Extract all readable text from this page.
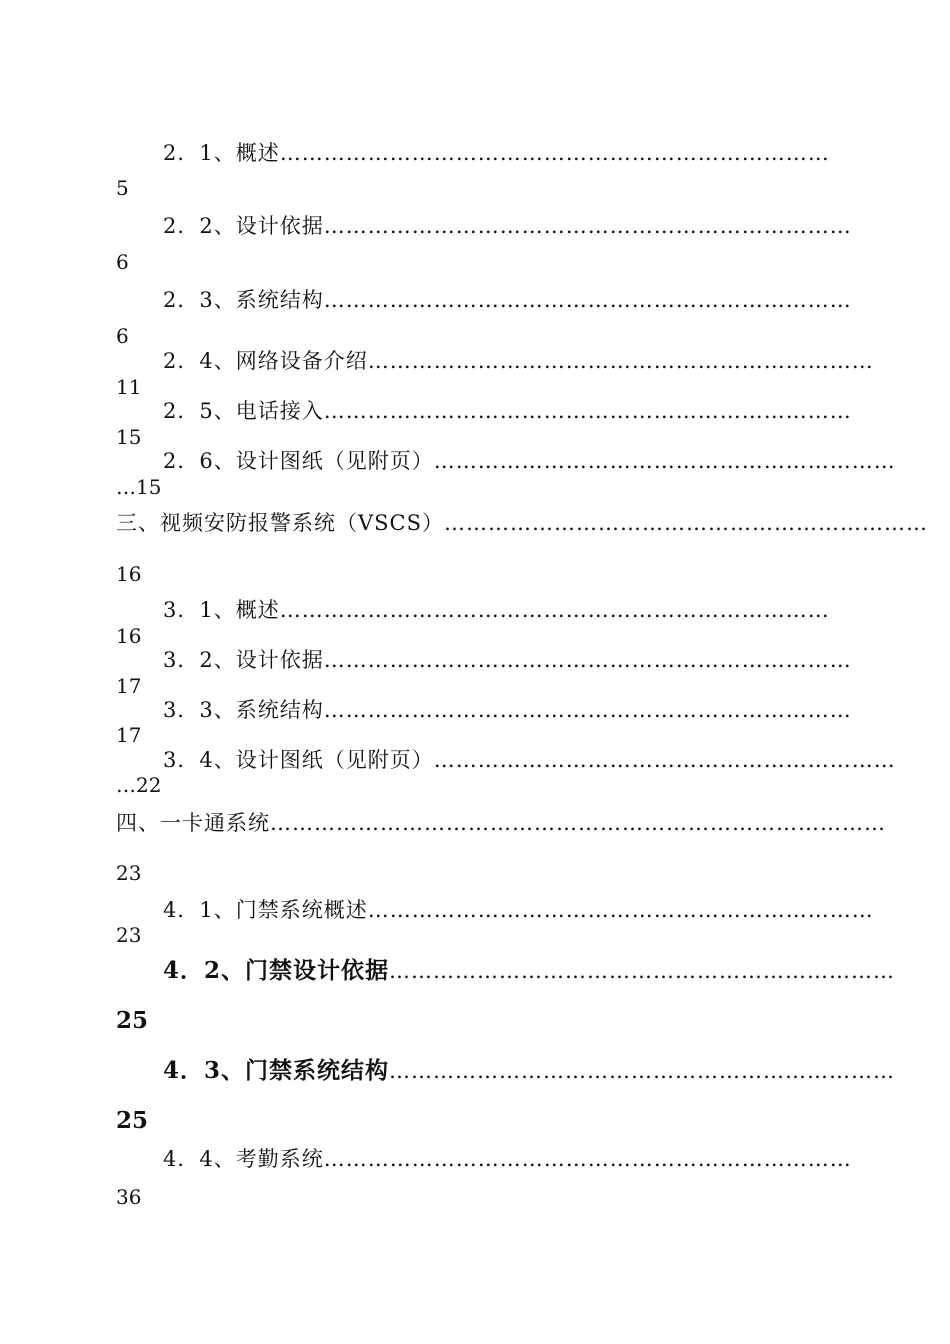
2．1、概述…………………………………………………………………
5
2．2、设计依据………………………………………………………………
6
2．3、系统结构………………………………………………………………
6
2．4、网络设备介绍……………………………………………………………
11
2．5、电话接入………………………………………………………………
15
2．6、设计图纸（见附页）………………………………………………………
…15
三、视频安防报警系统（VSCS）…………………………………………………………
16
3．1、概述…………………………………………………………………
16
3．2、设计依据………………………………………………………………
17
3．3、系统结构………………………………………………………………
17
3．4、设计图纸（见附页）………………………………………………………
…22
四、一卡通系统…………………………………………………………………………
23
4．1、门禁系统概述……………………………………………………………
23
4．2、门禁设计依据……………………………………………………………
25
4．3、门禁系统结构……………………………………………………………
25
4．4、考勤系统………………………………………………………………
36
